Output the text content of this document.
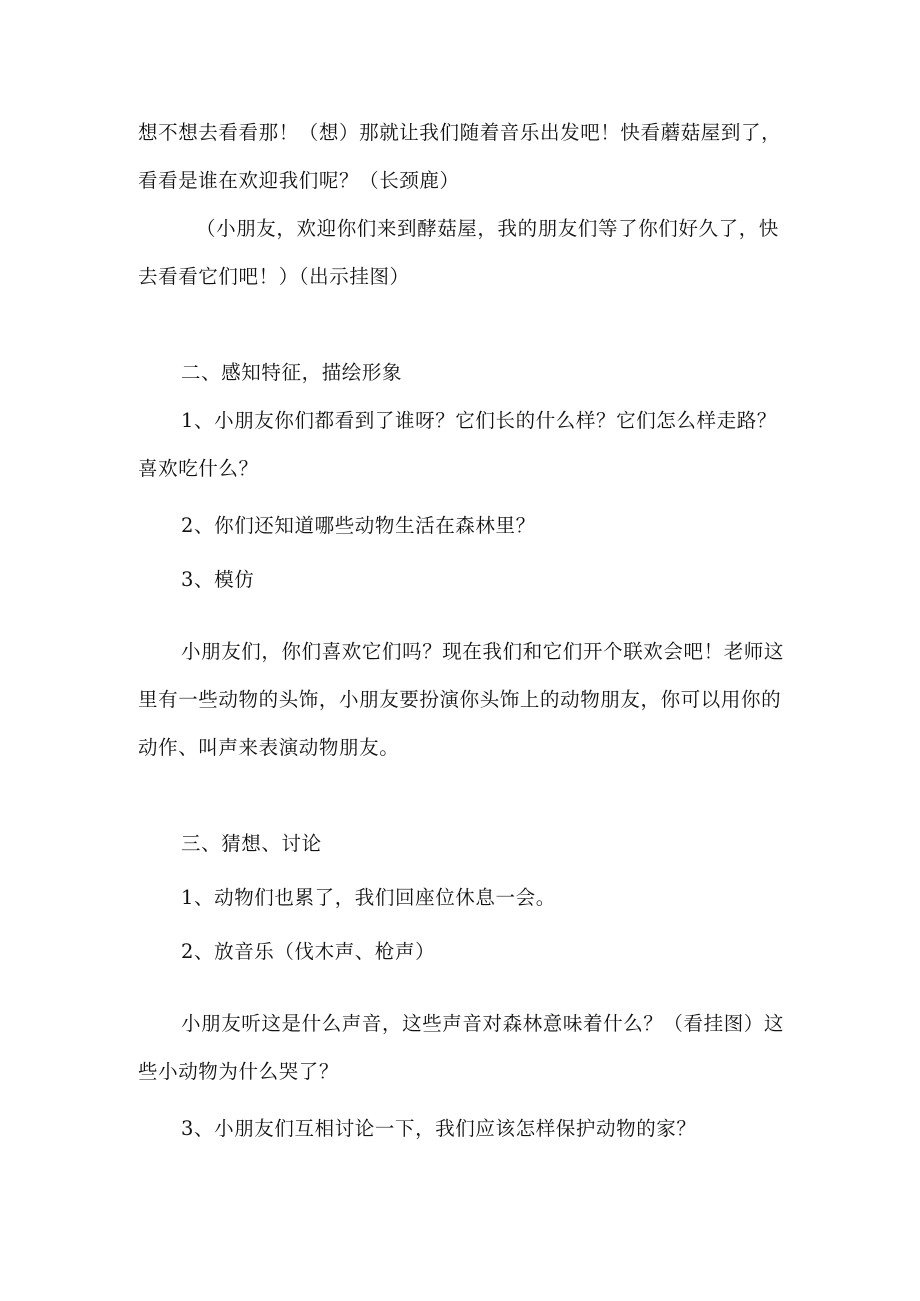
想不想去看看那！（想）那就让我们随着音乐出发吧！快看蘑菇屋到了，
看看是谁在欢迎我们呢？（长颈鹿）
（小朋友，欢迎你们来到酵菇屋，我的朋友们等了你们好久了，快
去看看它们吧！）（出示挂图）
二、感知特征，描绘形象
1、小朋友你们都看到了谁呀？它们长的什么样？它们怎么样走路？
喜欢吃什么？
2、你们还知道哪些动物生活在森林里？
3、模仿
小朋友们，你们喜欢它们吗？现在我们和它们开个联欢会吧！老师这
里有一些动物的头饰，小朋友要扮演你头饰上的动物朋友，你可以用你的
动作、叫声来表演动物朋友。
三、猜想、讨论
1、动物们也累了，我们回座位休息一会。
2、放音乐（伐木声、枪声）
小朋友听这是什么声音，这些声音对森林意味着什么？（看挂图）这
些小动物为什么哭了？
3、小朋友们互相讨论一下，我们应该怎样保护动物的家？
